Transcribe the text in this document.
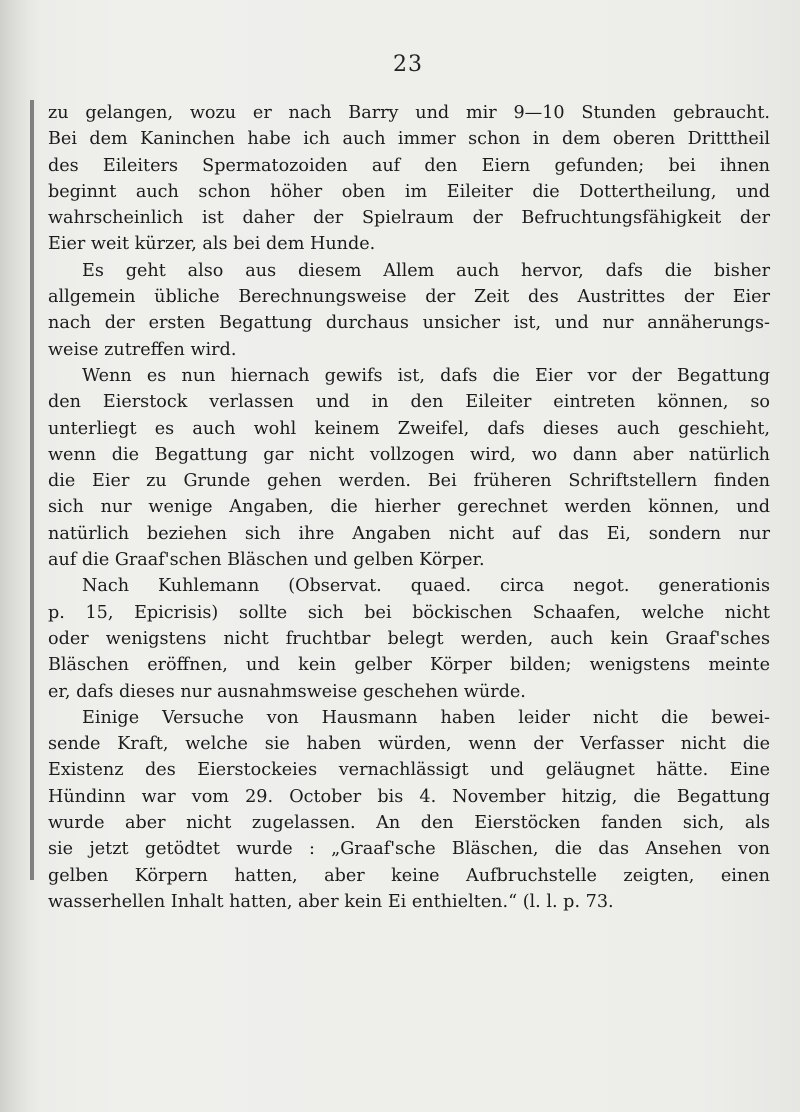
23
zu gelangen, wozu er nach Barry und mir 9—10 Stunden gebraucht.
Bei dem Kaninchen habe ich auch immer schon in dem oberen Dritttheil
des Eileiters Spermatozoiden auf den Eiern gefunden; bei ihnen
beginnt auch schon höher oben im Eileiter die Dottertheilung, und
wahrscheinlich ist daher der Spielraum der Befruchtungsfähigkeit der
Eier weit kürzer, als bei dem Hunde.
Es geht also aus diesem Allem auch hervor, dafs die bisher
allgemein übliche Berechnungsweise der Zeit des Austrittes der Eier
nach der ersten Begattung durchaus unsicher ist, und nur annäherungs-
weise zutreffen wird.
Wenn es nun hiernach gewifs ist, dafs die Eier vor der Begattung
den Eierstock verlassen und in den Eileiter eintreten können, so
unterliegt es auch wohl keinem Zweifel, dafs dieses auch geschieht,
wenn die Begattung gar nicht vollzogen wird, wo dann aber natürlich
die Eier zu Grunde gehen werden. Bei früheren Schriftstellern finden
sich nur wenige Angaben, die hierher gerechnet werden können, und
natürlich beziehen sich ihre Angaben nicht auf das Ei, sondern nur
auf die Graaf'schen Bläschen und gelben Körper.
Nach Kuhlemann (Observat. quaed. circa negot. generationis
p. 15, Epicrisis) sollte sich bei böckischen Schaafen, welche nicht
oder wenigstens nicht fruchtbar belegt werden, auch kein Graaf'sches
Bläschen eröffnen, und kein gelber Körper bilden; wenigstens meinte
er, dafs dieses nur ausnahmsweise geschehen würde.
Einige Versuche von Hausmann haben leider nicht die bewei-
sende Kraft, welche sie haben würden, wenn der Verfasser nicht die
Existenz des Eierstockeies vernachlässigt und geläugnet hätte. Eine
Hündinn war vom 29. October bis 4. November hitzig, die Begattung
wurde aber nicht zugelassen. An den Eierstöcken fanden sich, als
sie jetzt getödtet wurde : „Graaf'sche Bläschen, die das Ansehen von
gelben Körpern hatten, aber keine Aufbruchstelle zeigten, einen
wasserhellen Inhalt hatten, aber kein Ei enthielten.“ (l. l. p. 73.
